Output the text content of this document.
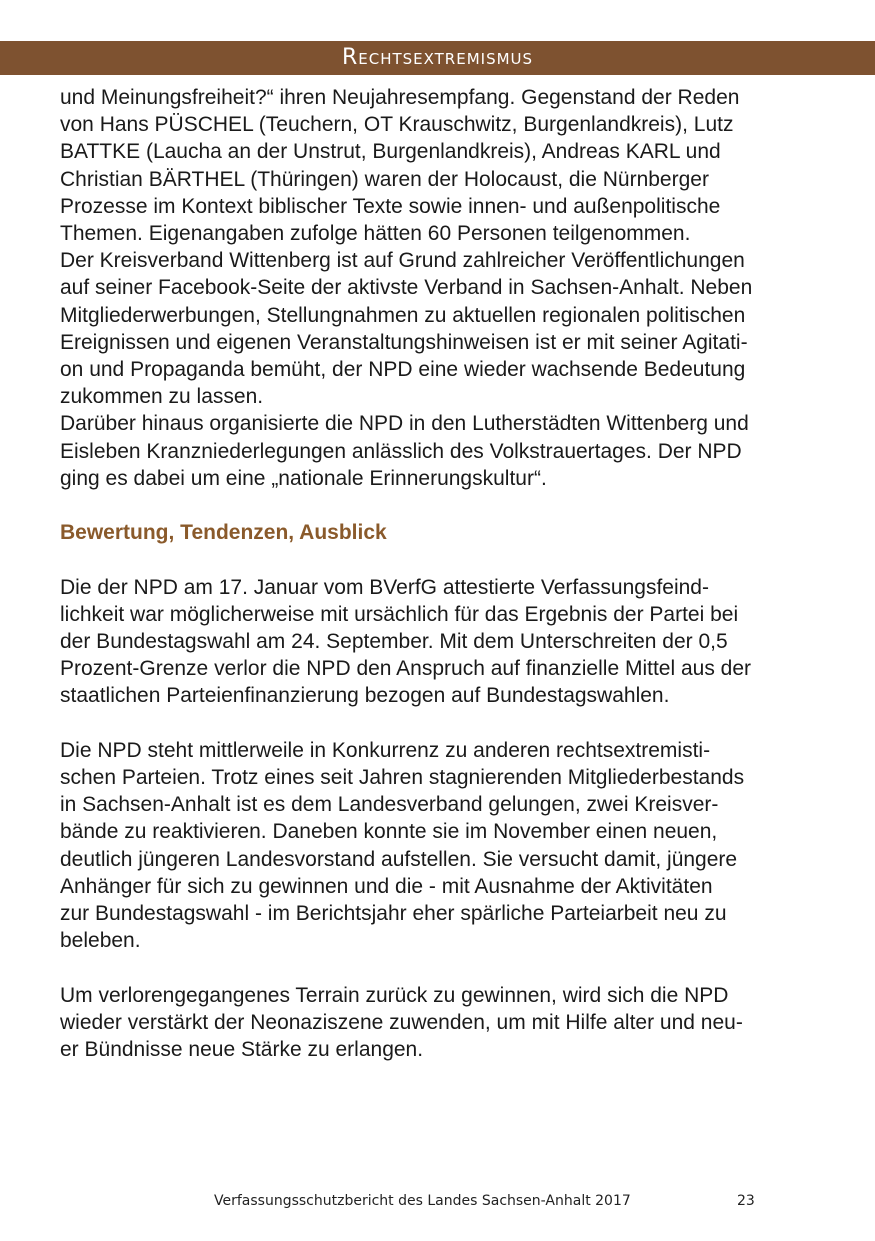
Rechtsextremismus

und Meinungsfreiheit?“ ihren Neujahresempfang. Gegenstand der Reden
von Hans PÜSCHEL (Teuchern, OT Krauschwitz, Burgenlandkreis), Lutz
BATTKE (Laucha an der Unstrut, Burgenlandkreis), Andreas KARL und
Christian BÄRTHEL (Thüringen) waren der Holocaust, die Nürnberger
Prozesse im Kontext biblischer Texte sowie innen- und außenpolitische
Themen. Eigenangaben zufolge hätten 60 Personen teilgenommen.

Der Kreisverband Wittenberg ist auf Grund zahlreicher Veröffentlichungen
auf seiner Facebook-Seite der aktivste Verband in Sachsen-Anhalt. Neben
Mitgliederwerbungen, Stellungnahmen zu aktuellen regionalen politischen
Ereignissen und eigenen Veranstaltungshinweisen ist er mit seiner Agitati-
on und Propaganda bemüht, der NPD eine wieder wachsende Bedeutung
zukommen zu lassen.

Darüber hinaus organisierte die NPD in den Lutherstädten Wittenberg und
Eisleben Kranzniederlegungen anlässlich des Volkstrauertages. Der NPD
ging es dabei um eine „nationale Erinnerungskultur“.

Bewertung, Tendenzen, Ausblick

Die der NPD am 17. Januar vom BVerfG attestierte Verfassungsfeind-
lichkeit war möglicherweise mit ursächlich für das Ergebnis der Partei bei
der Bundestagswahl am 24. September. Mit dem Unterschreiten der 0,5
Prozent-Grenze verlor die NPD den Anspruch auf finanzielle Mittel aus der
staatlichen Parteienfinanzierung bezogen auf Bundestagswahlen.

Die NPD steht mittlerweile in Konkurrenz zu anderen rechtsextremisti-
schen Parteien. Trotz eines seit Jahren stagnierenden Mitgliederbestands
in Sachsen-Anhalt ist es dem Landesverband gelungen, zwei Kreisver-
bände zu reaktivieren. Daneben konnte sie im November einen neuen,
deutlich jüngeren Landesvorstand aufstellen. Sie versucht damit, jüngere
Anhänger für sich zu gewinnen und die - mit Ausnahme der Aktivitäten
zur Bundestagswahl - im Berichtsjahr eher spärliche Parteiarbeit neu zu
beleben.

Um verlorengegangenes Terrain zurück zu gewinnen, wird sich die NPD
wieder verstärkt der Neonaziszene zuwenden, um mit Hilfe alter und neu-
er Bündnisse neue Stärke zu erlangen.

Verfassungsschutzbericht des Landes Sachsen-Anhalt 2017	23
